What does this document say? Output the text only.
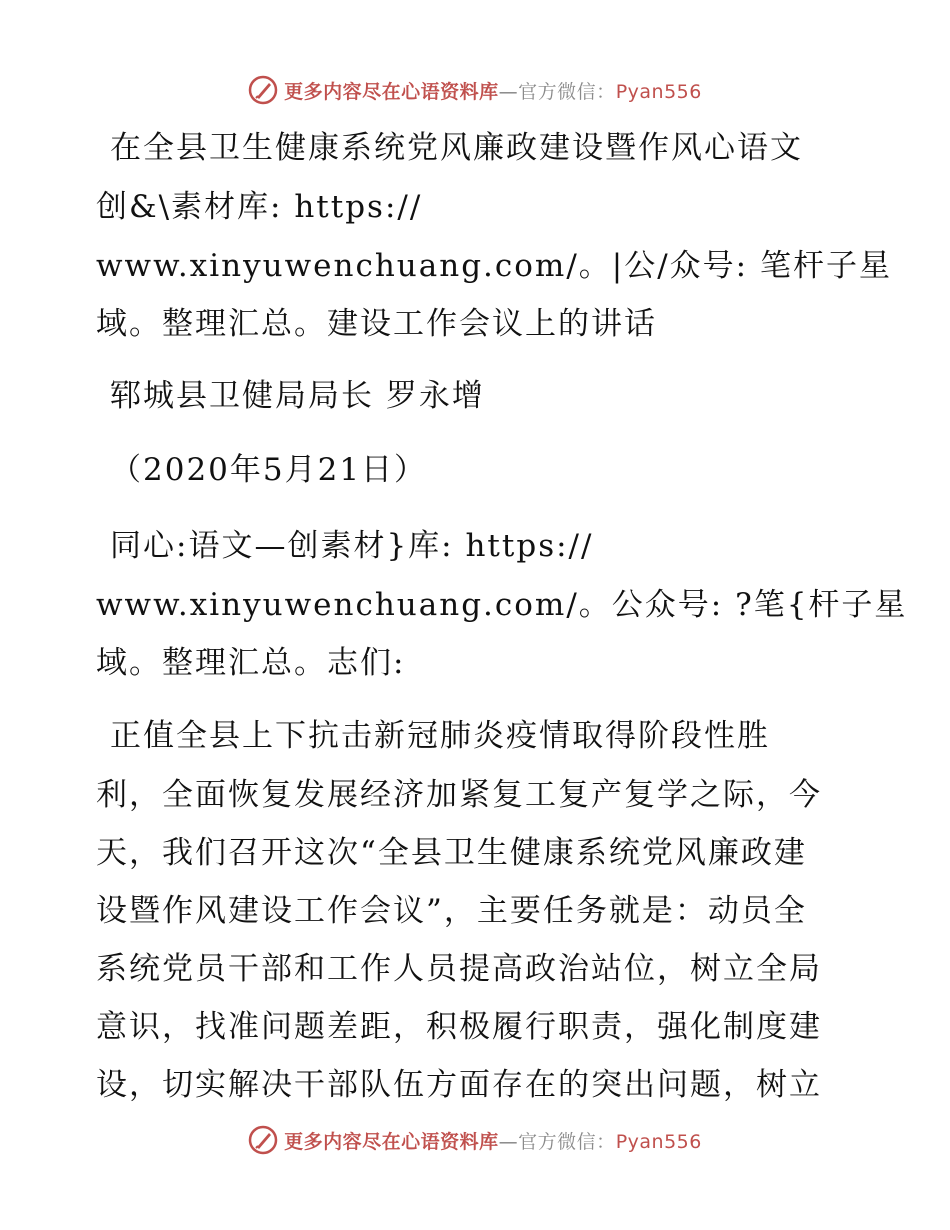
更多内容尽在心语资料库—官方微信：Pyan556
在全县卫生健康系统党风廉政建设暨作风心语文
创&\素材库: https://
www.xinyuwenchuang.com/。|公/众号: 笔杆子星
域。整理汇总。建设工作会议上的讲话
郓城县卫健局局长 罗永增
（2020年5月21日）
同心:语文—创素材}库: https://
www.xinyuwenchuang.com/。公众号: ?笔{杆子星
域。整理汇总。志们:
正值全县上下抗击新冠肺炎疫情取得阶段性胜
利，全面恢复发展经济加紧复工复产复学之际，今
天，我们召开这次“全县卫生健康系统党风廉政建
设暨作风建设工作会议”，主要任务就是：动员全
系统党员干部和工作人员提高政治站位，树立全局
意识，找准问题差距，积极履行职责，强化制度建
设，切实解决干部队伍方面存在的突出问题，树立
更多内容尽在心语资料库—官方微信：Pyan556
